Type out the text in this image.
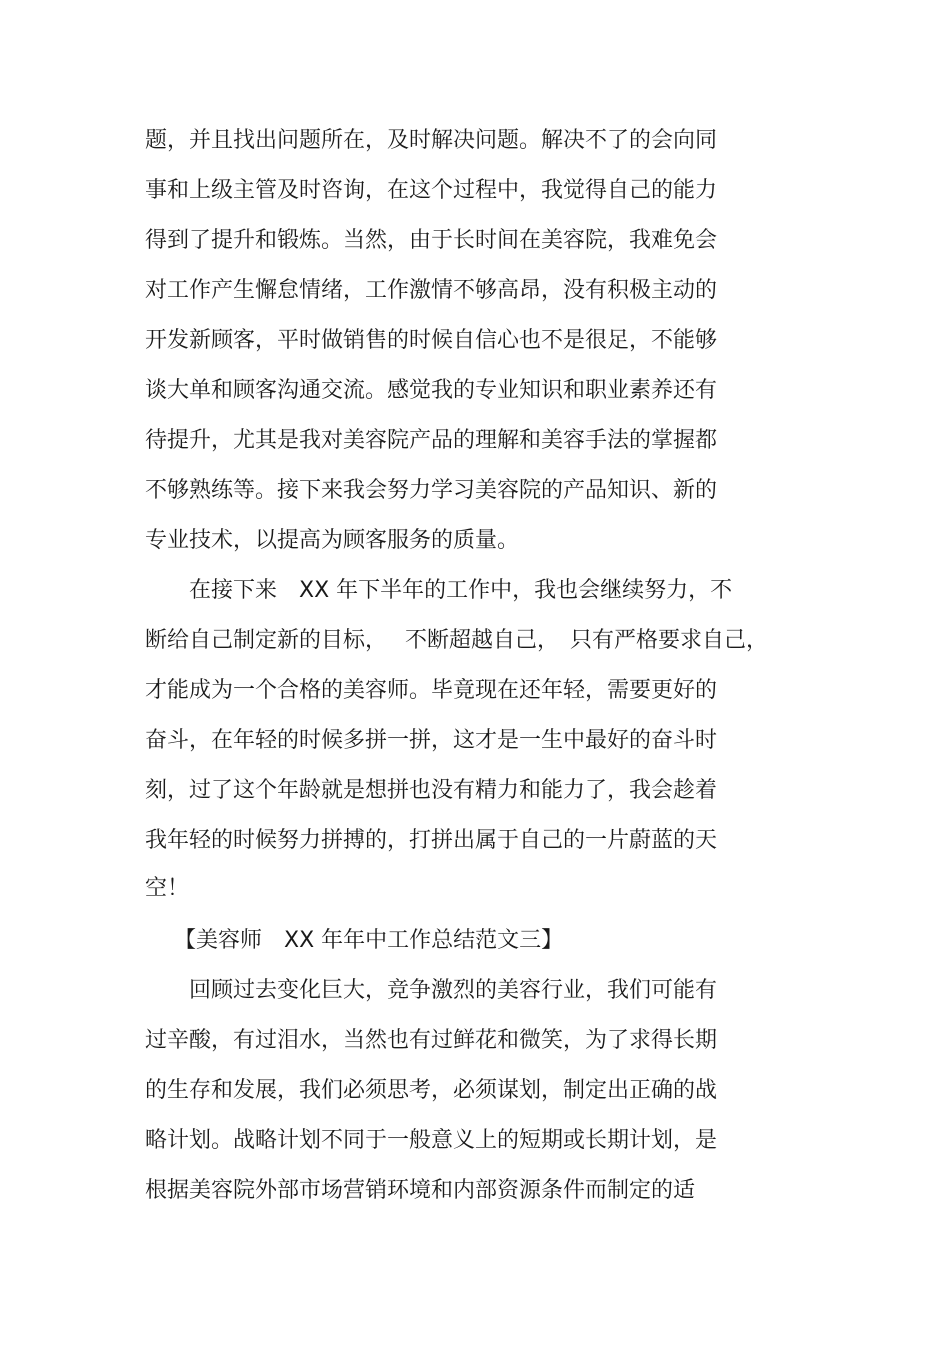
题，并且找出问题所在，及时解决问题。解决不了的会向同

事和上级主管及时咨询，在这个过程中，我觉得自己的能力

得到了提升和锻炼。当然，由于长时间在美容院，我难免会

对工作产生懈怠情绪，工作激情不够高昂，没有积极主动的

开发新顾客，平时做销售的时候自信心也不是很足，不能够

谈大单和顾客沟通交流。感觉我的专业知识和职业素养还有

待提升，尤其是我对美容院产品的理解和美容手法的掌握都

不够熟练等。接下来我会努力学习美容院的产品知识、新的

专业技术，以提高为顾客服务的质量。

　　在接下来　XX 年下半年的工作中，我也会继续努力，不

断给自己制定新的目标，　 不断超越自己，　只有严格要求自己，

才能成为一个合格的美容师。毕竟现在还年轻，需要更好的

奋斗，在年轻的时候多拼一拼，这才是一生中最好的奋斗时

刻，过了这个年龄就是想拼也没有精力和能力了，我会趁着

我年轻的时候努力拼搏的，打拼出属于自己的一片蔚蓝的天

空！

　 【美容师　XX 年年中工作总结范文三】

　　回顾过去变化巨大，竞争激烈的美容行业，我们可能有

过辛酸，有过泪水，当然也有过鲜花和微笑，为了求得长期

的生存和发展，我们必须思考，必须谋划，制定出正确的战

略计划。战略计划不同于一般意义上的短期或长期计划，是

根据美容院外部市场营销环境和内部资源条件而制定的适
